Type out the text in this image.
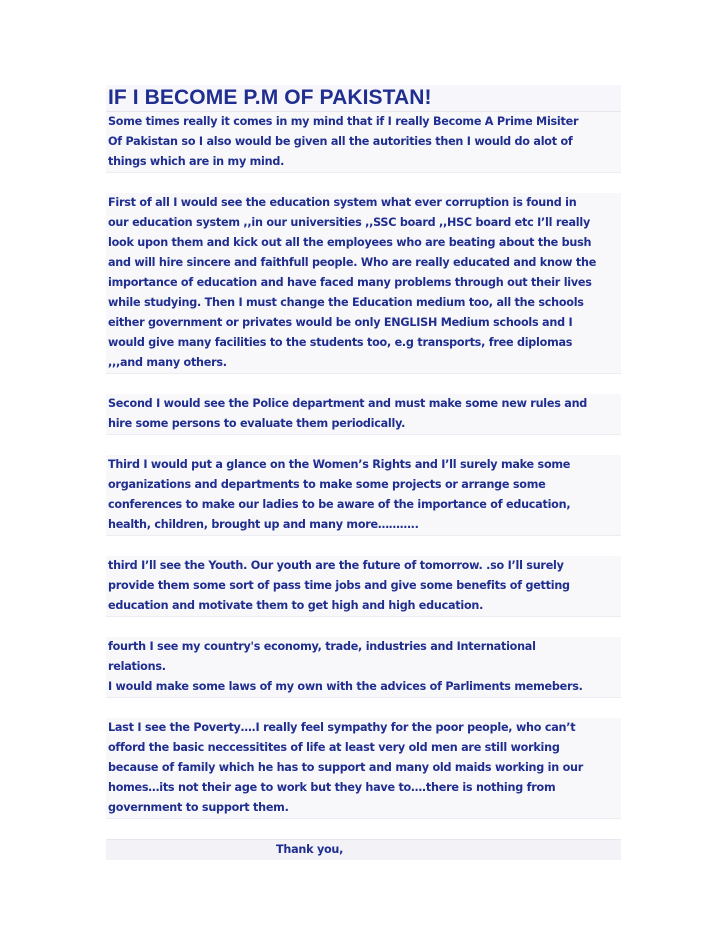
IF I BECOME P.M OF PAKISTAN!
Some times really it comes in my mind that if I really Become A Prime Misiter
Of Pakistan so I also would be given all the autorities then I would do alot of
things which are in my mind.
First of all I would see the education system what ever corruption is found in
our education system ,,in our universities ,,SSC board ,,HSC board etc I’ll really
look upon them and kick out all the employees who are beating about the bush
and will hire sincere and faithfull people. Who are really educated and know the
importance of education and have faced many problems through out their lives
while studying. Then I must change the Education medium too, all the schools
either government or privates would be only ENGLISH Medium schools and I
would give many facilities to the students too, e.g transports, free diplomas
,,,and many others.
Second I would see the Police department and must make some new rules and
hire some persons to evaluate them periodically.
Third I would put a glance on the Women’s Rights and I’ll surely make some
organizations and departments to make some projects or arrange some
conferences to make our ladies to be aware of the importance of education,
health, children, brought up and many more………..
third I’ll see the Youth. Our youth are the future of tomorrow. .so I’ll surely
provide them some sort of pass time jobs and give some benefits of getting
education and motivate them to get high and high education.
fourth I see my country's economy, trade, industries and International
relations.
I would make some laws of my own with the advices of Parliments memebers.
Last I see the Poverty….I really feel sympathy for the poor people, who can’t
offord the basic neccessitites of life at least very old men are still working
because of family which he has to support and many old maids working in our
homes…its not their age to work but they have to….there is nothing from
government to support them.
Thank you,
